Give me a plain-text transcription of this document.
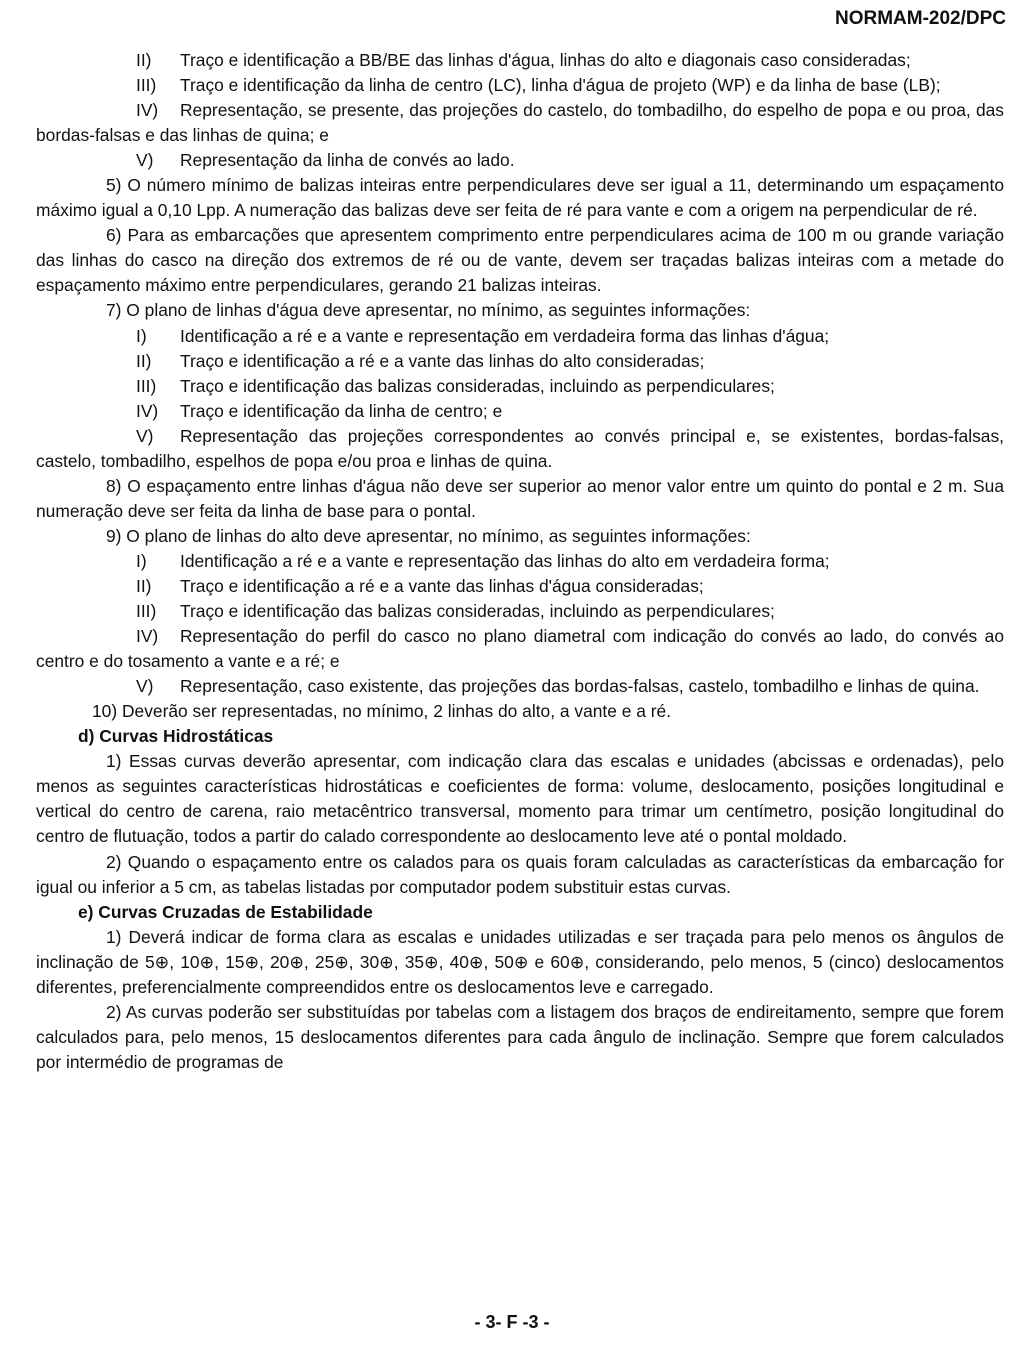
NORMAM-202/DPC

II) Traço e identificação a BB/BE das linhas d'água, linhas do alto e diagonais caso consideradas;

III) Traço e identificação da linha de centro (LC), linha d'água de projeto (WP) e da linha de base (LB);

IV) Representação, se presente, das projeções do castelo, do tombadilho, do espelho de popa e ou proa, das bordas-falsas e das linhas de quina; e

V) Representação da linha de convés ao lado.

5) O número mínimo de balizas inteiras entre perpendiculares deve ser igual a 11, determinando um espaçamento máximo igual a 0,10 Lpp. A numeração das balizas deve ser feita de ré para vante e com a origem na perpendicular de ré.

6) Para as embarcações que apresentem comprimento entre perpendiculares acima de 100 m ou grande variação das linhas do casco na direção dos extremos de ré ou de vante, devem ser traçadas balizas inteiras com a metade do espaçamento máximo entre perpendiculares, gerando 21 balizas inteiras.

7) O plano de linhas d'água deve apresentar, no mínimo, as seguintes informações:

I) Identificação a ré e a vante e representação em verdadeira forma das linhas d'água;

II) Traço e identificação a ré e a vante das linhas do alto consideradas;

III) Traço e identificação das balizas consideradas, incluindo as perpendiculares;

IV) Traço e identificação da linha de centro; e

V) Representação das projeções correspondentes ao convés principal e, se existentes, bordas-falsas, castelo, tombadilho, espelhos de popa e/ou proa e linhas de quina.

8) O espaçamento entre linhas d'água não deve ser superior ao menor valor entre um quinto do pontal e 2 m. Sua numeração deve ser feita da linha de base para o pontal.

9) O plano de linhas do alto deve apresentar, no mínimo, as seguintes informações:

I) Identificação a ré e a vante e representação das linhas do alto em verdadeira forma;

II) Traço e identificação a ré e a vante das linhas d'água consideradas;

III) Traço e identificação das balizas consideradas, incluindo as perpendiculares;

IV) Representação do perfil do casco no plano diametral com indicação do convés ao lado, do convés ao centro e do tosamento a vante e a ré; e

V) Representação, caso existente, das projeções das bordas-falsas, castelo, tombadilho e linhas de quina.

10) Deverão ser representadas, no mínimo, 2 linhas do alto, a vante e a ré.

d) Curvas Hidrostáticas

1) Essas curvas deverão apresentar, com indicação clara das escalas e unidades (abcissas e ordenadas), pelo menos as seguintes características hidrostáticas e coeficientes de forma: volume, deslocamento, posições longitudinal e vertical do centro de carena, raio metacêntrico transversal, momento para trimar um centímetro, posição longitudinal do centro de flutuação, todos a partir do calado correspondente ao deslocamento leve até o pontal moldado.

2) Quando o espaçamento entre os calados para os quais foram calculadas as características da embarcação for igual ou inferior a 5 cm, as tabelas listadas por computador podem substituir estas curvas.

e) Curvas Cruzadas de Estabilidade

1) Deverá indicar de forma clara as escalas e unidades utilizadas e ser traçada para pelo menos os ângulos de inclinação de 5⊕, 10⊕, 15⊕, 20⊕, 25⊕, 30⊕, 35⊕, 40⊕, 50⊕ e 60⊕, considerando, pelo menos, 5 (cinco) deslocamentos diferentes, preferencialmente compreendidos entre os deslocamentos leve e carregado.

2) As curvas poderão ser substituídas por tabelas com a listagem dos braços de endireitamento, sempre que forem calculados para, pelo menos, 15 deslocamentos diferentes para cada ângulo de inclinação. Sempre que forem calculados por intermédio de programas de

- 3- F -3 -
